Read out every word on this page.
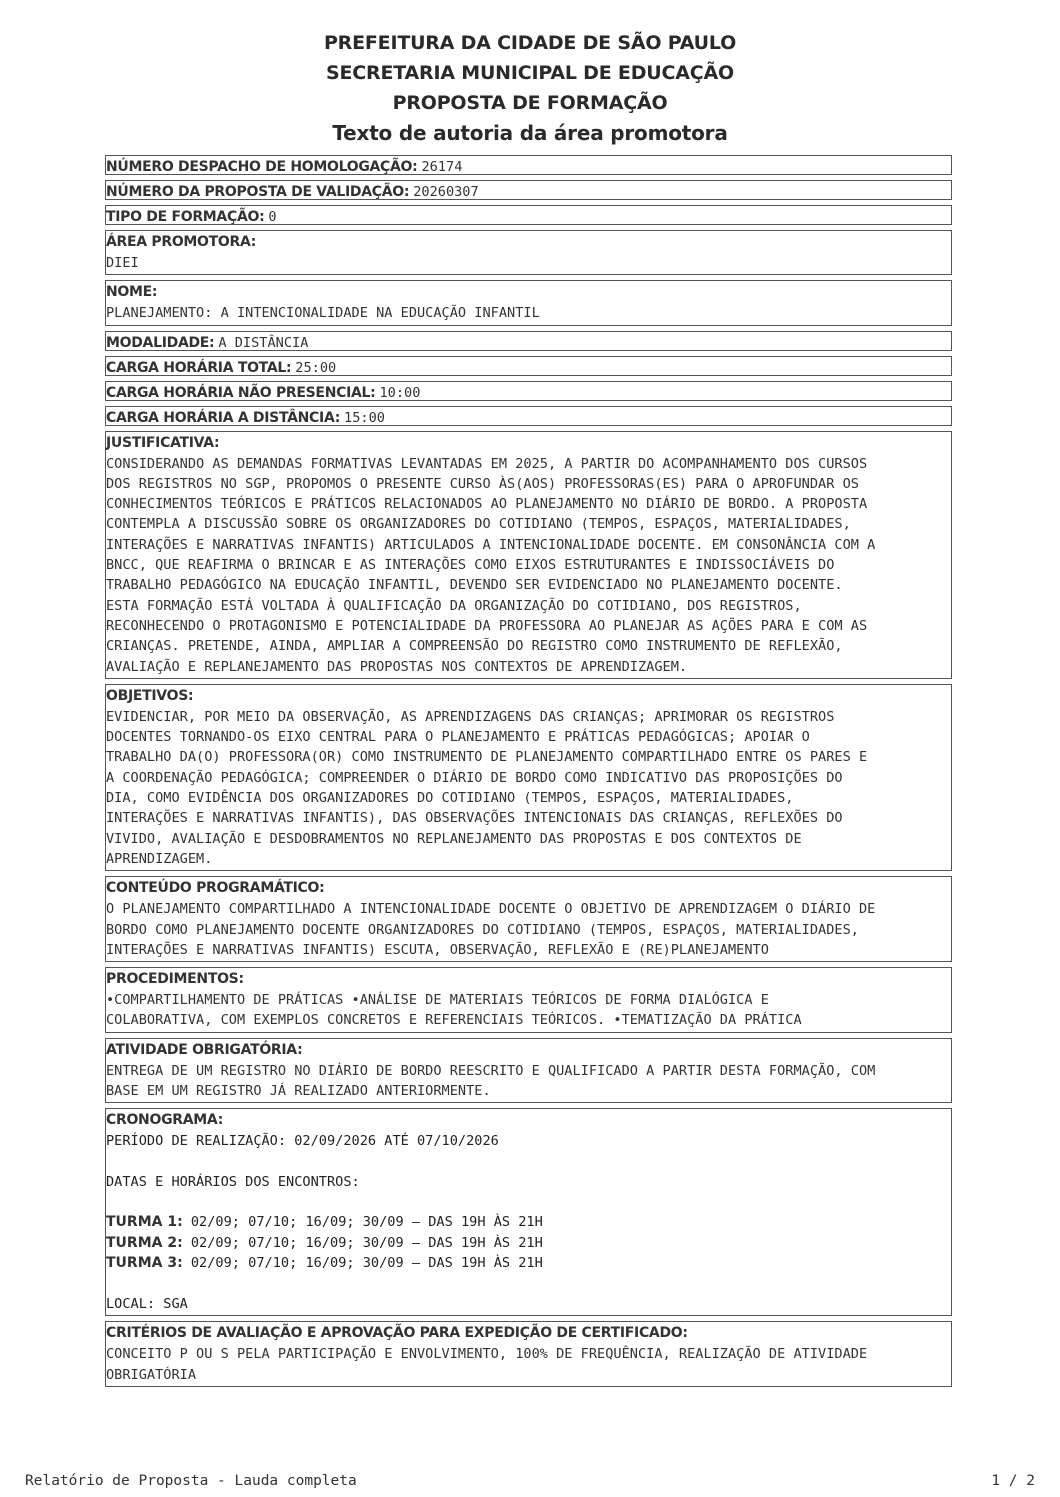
PREFEITURA DA CIDADE DE SÃO PAULO
SECRETARIA MUNICIPAL DE EDUCAÇÃO
PROPOSTA DE FORMAÇÃO
Texto de autoria da área promotora
NÚMERO DESPACHO DE HOMOLOGAÇÃO: 26174
NÚMERO DA PROPOSTA DE VALIDAÇÃO: 20260307
TIPO DE FORMAÇÃO: 0
ÁREA PROMOTORA:
DIEI
NOME:
PLANEJAMENTO: A INTENCIONALIDADE NA EDUCAÇÃO INFANTIL
MODALIDADE: A DISTÂNCIA
CARGA HORÁRIA TOTAL: 25:00
CARGA HORÁRIA NÃO PRESENCIAL: 10:00
CARGA HORÁRIA A DISTÂNCIA: 15:00
JUSTIFICATIVA:
CONSIDERANDO AS DEMANDAS FORMATIVAS LEVANTADAS EM 2025, A PARTIR DO ACOMPANHAMENTO DOS CURSOS
DOS REGISTROS NO SGP, PROPOMOS O PRESENTE CURSO ÀS(AOS) PROFESSORAS(ES) PARA O APROFUNDAR OS
CONHECIMENTOS TEÓRICOS E PRÁTICOS RELACIONADOS AO PLANEJAMENTO NO DIÁRIO DE BORDO. A PROPOSTA
CONTEMPLA A DISCUSSÃO SOBRE OS ORGANIZADORES DO COTIDIANO (TEMPOS, ESPAÇOS, MATERIALIDADES,
INTERAÇÕES E NARRATIVAS INFANTIS) ARTICULADOS A INTENCIONALIDADE DOCENTE. EM CONSONÂNCIA COM A
BNCC, QUE REAFIRMA O BRINCAR E AS INTERAÇÕES COMO EIXOS ESTRUTURANTES E INDISSOCIÁVEIS DO
TRABALHO PEDAGÓGICO NA EDUCAÇÃO INFANTIL, DEVENDO SER EVIDENCIADO NO PLANEJAMENTO DOCENTE.
ESTA FORMAÇÃO ESTÁ VOLTADA À QUALIFICAÇÃO DA ORGANIZAÇÃO DO COTIDIANO, DOS REGISTROS,
RECONHECENDO O PROTAGONISMO E POTENCIALIDADE DA PROFESSORA AO PLANEJAR AS AÇÕES PARA E COM AS
CRIANÇAS. PRETENDE, AINDA, AMPLIAR A COMPREENSÃO DO REGISTRO COMO INSTRUMENTO DE REFLEXÃO,
AVALIAÇÃO E REPLANEJAMENTO DAS PROPOSTAS NOS CONTEXTOS DE APRENDIZAGEM.
OBJETIVOS:
EVIDENCIAR, POR MEIO DA OBSERVAÇÃO, AS APRENDIZAGENS DAS CRIANÇAS; APRIMORAR OS REGISTROS
DOCENTES TORNANDO-OS EIXO CENTRAL PARA O PLANEJAMENTO E PRÁTICAS PEDAGÓGICAS; APOIAR O
TRABALHO DA(O) PROFESSORA(OR) COMO INSTRUMENTO DE PLANEJAMENTO COMPARTILHADO ENTRE OS PARES E
A COORDENAÇÃO PEDAGÓGICA; COMPREENDER O DIÁRIO DE BORDO COMO INDICATIVO DAS PROPOSIÇÕES DO
DIA, COMO EVIDÊNCIA DOS ORGANIZADORES DO COTIDIANO (TEMPOS, ESPAÇOS, MATERIALIDADES,
INTERAÇÕES E NARRATIVAS INFANTIS), DAS OBSERVAÇÕES INTENCIONAIS DAS CRIANÇAS, REFLEXÕES DO
VIVIDO, AVALIAÇÃO E DESDOBRAMENTOS NO REPLANEJAMENTO DAS PROPOSTAS E DOS CONTEXTOS DE
APRENDIZAGEM.
CONTEÚDO PROGRAMÁTICO:
O PLANEJAMENTO COMPARTILHADO A INTENCIONALIDADE DOCENTE O OBJETIVO DE APRENDIZAGEM O DIÁRIO DE
BORDO COMO PLANEJAMENTO DOCENTE ORGANIZADORES DO COTIDIANO (TEMPOS, ESPAÇOS, MATERIALIDADES,
INTERAÇÕES E NARRATIVAS INFANTIS) ESCUTA, OBSERVAÇÃO, REFLEXÃO E (RE)PLANEJAMENTO
PROCEDIMENTOS:
•COMPARTILHAMENTO DE PRÁTICAS •ANÁLISE DE MATERIAIS TEÓRICOS DE FORMA DIALÓGICA E
COLABORATIVA, COM EXEMPLOS CONCRETOS E REFERENCIAIS TEÓRICOS. •TEMATIZAÇÃO DA PRÁTICA
ATIVIDADE OBRIGATÓRIA:
ENTREGA DE UM REGISTRO NO DIÁRIO DE BORDO REESCRITO E QUALIFICADO A PARTIR DESTA FORMAÇÃO, COM
BASE EM UM REGISTRO JÁ REALIZADO ANTERIORMENTE.
CRONOGRAMA:
PERÍODO DE REALIZAÇÃO: 02/09/2026 ATÉ 07/10/2026
DATAS E HORÁRIOS DOS ENCONTROS:
TURMA 1: 02/09; 07/10; 16/09; 30/09 — DAS 19H ÀS 21H
TURMA 2: 02/09; 07/10; 16/09; 30/09 — DAS 19H ÀS 21H
TURMA 3: 02/09; 07/10; 16/09; 30/09 — DAS 19H ÀS 21H
LOCAL: SGA
CRITÉRIOS DE AVALIAÇÃO E APROVAÇÃO PARA EXPEDIÇÃO DE CERTIFICADO:
CONCEITO P OU S PELA PARTICIPAÇÃO E ENVOLVIMENTO, 100% DE FREQUÊNCIA, REALIZAÇÃO DE ATIVIDADE
OBRIGATÓRIA
Relatório de Proposta - Lauda completa	1 / 2
